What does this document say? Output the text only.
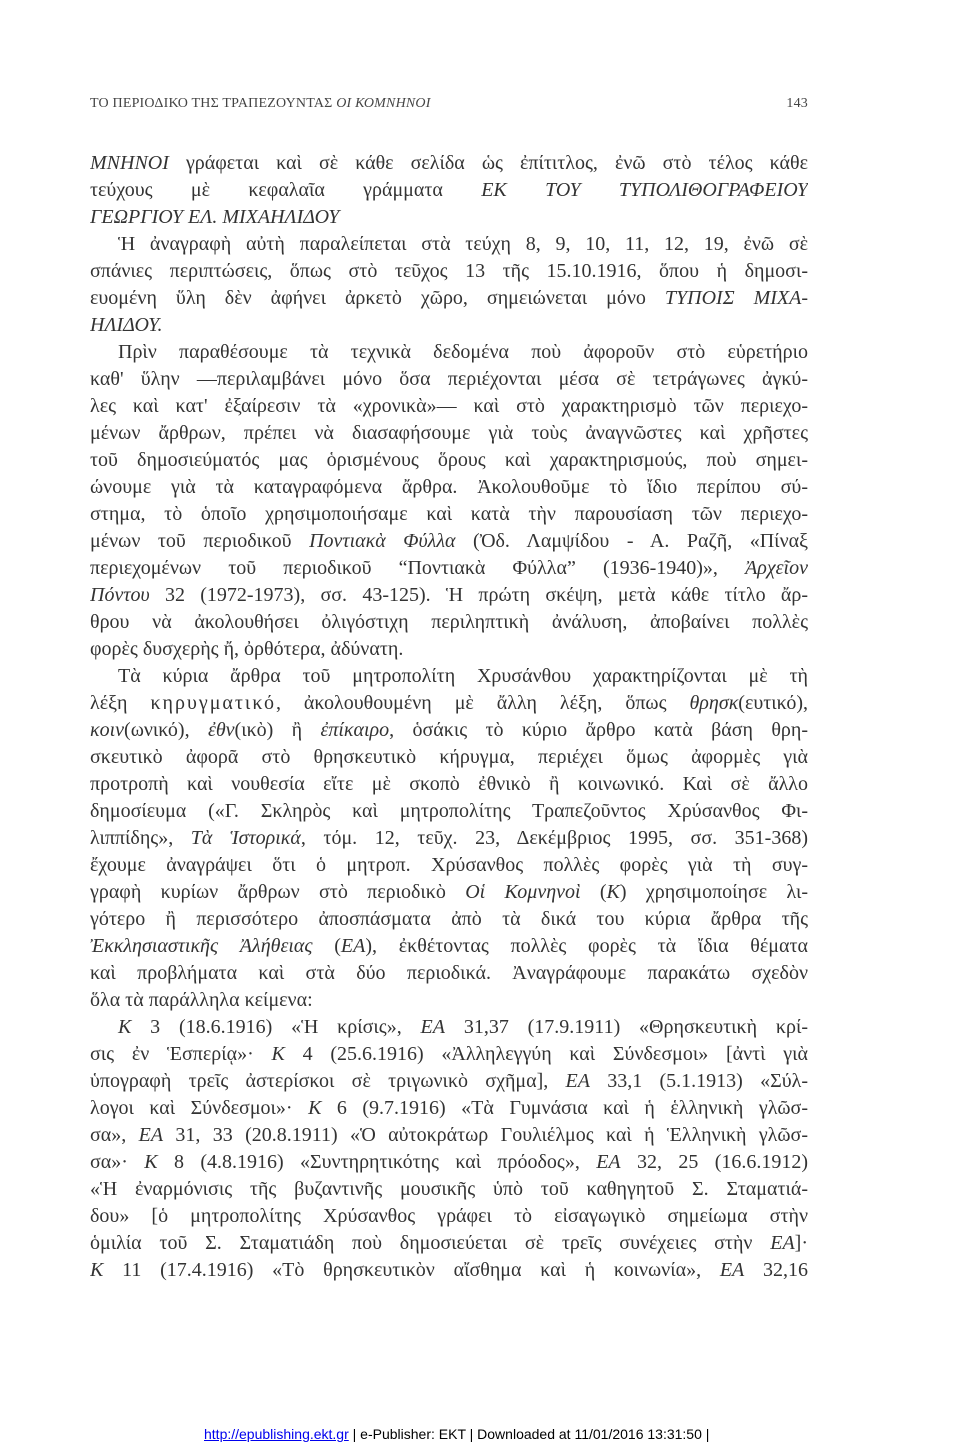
ΤΟ ΠΕΡΙΟΔΙΚΟ ΤΗΣ ΤΡΑΠΕΖΟΥΝΤΑΣ ΟΙ ΚΟΜΝΗΝΟΙ	143
ΜΝΗΝΟΙ γράφεται καὶ σὲ κάθε σελίδα ὡς ἐπίτιτλος, ἐνῶ στὸ τέλος κάθε
τεύχους μὲ κεφαλαῖα γράμματα ΕΚ ΤΟΥ ΤΥΠΟΛΙΘΟΓΡΑΦΕΙΟΥ
ΓΕΩΡΓΙΟΥ ΕΛ. ΜΙΧΑΗΛΙΔΟΥ
Ἡ ἀναγραφὴ αὐτὴ παραλείπεται στὰ τεύχη 8, 9, 10, 11, 12, 19, ἐνῶ σὲ
σπάνιες περιπτώσεις, ὅπως στὸ τεῦχος 13 τῆς 15.10.1916, ὅπου ἡ δημοσι-
ευομένη ὕλη δὲν ἀφήνει ἀρκετὸ χῶρο, σημειώνεται μόνο ΤΥΠΟΙΣ ΜΙΧΑ-
ΗΛΙΔΟΥ.
Πρὶν παραθέσουμε τὰ τεχνικὰ δεδομένα ποὺ ἀφοροῦν στὸ εὑρετήριο
καθ' ὕλην —περιλαμβάνει μόνο ὅσα περιέχονται μέσα σὲ τετράγωνες ἀγκύ-
λες καὶ κατ' ἐξαίρεσιν τὰ «χρονικὰ»— καὶ στὸ χαρακτηρισμὸ τῶν περιεχο-
μένων ἄρθρων, πρέπει νὰ διασαφήσουμε γιὰ τοὺς ἀναγνῶστες καὶ χρῆστες
τοῦ δημοσιεύματός μας ὁρισμένους ὅρους καὶ χαρακτηρισμούς, ποὺ σημει-
ώνουμε γιὰ τὰ καταγραφόμενα ἄρθρα. Ἀκολουθοῦμε τὸ ἴδιο περίπου σύ-
στημα, τὸ ὁποῖο χρησιμοποιήσαμε καὶ κατὰ τὴν παρουσίαση τῶν περιεχο-
μένων τοῦ περιοδικοῦ Ποντιακὰ Φύλλα (Ὀδ. Λαμψίδου - Α. Ραζῆ, «Πίναξ
περιεχομένων τοῦ περιοδικοῦ “Ποντιακὰ Φύλλα” (1936-1940)», Ἀρχεῖον
Πόντου 32 (1972-1973), σσ. 43-125). Ἡ πρώτη σκέψη, μετὰ κάθε τίτλο ἄρ-
θρου νὰ ἀκολουθήσει ὀλιγόστιχη περιληπτικὴ ἀνάλυση, ἀποβαίνει πολλὲς
φορὲς δυσχερὴς ἤ, ὀρθότερα, ἀδύνατη.
Τὰ κύρια ἄρθρα τοῦ μητροπολίτη Χρυσάνθου χαρακτηρίζονται μὲ τὴ
λέξη κηρυγματικό, ἀκολουθουμένη μὲ ἄλλη λέξη, ὅπως θρησκ(ευτικό),
κοιν(ωνικό), ἐθν(ικὸ) ἢ ἐπίκαιρο, ὁσάκις τὸ κύριο ἄρθρο κατὰ βάση θρη-
σκευτικὸ ἀφορᾶ στὸ θρησκευτικὸ κήρυγμα, περιέχει ὅμως ἀφορμὲς γιὰ
προτροπὴ καὶ νουθεσία εἴτε μὲ σκοπὸ ἐθνικὸ ἢ κοινωνικό. Καὶ σὲ ἄλλο
δημοσίευμα («Γ. Σκληρὸς καὶ μητροπολίτης Τραπεζοῦντος Χρύσανθος Φι-
λιππίδης», Τὰ Ἱστορικά, τόμ. 12, τεῦχ. 23, Δεκέμβριος 1995, σσ. 351-368)
ἔχουμε ἀναγράψει ὅτι ὁ μητροπ. Χρύσανθος πολλὲς φορὲς γιὰ τὴ συγ-
γραφὴ κυρίων ἄρθρων στὸ περιοδικὸ Οἱ Κομνηνοὶ (Κ) χρησιμοποίησε λι-
γότερο ἢ περισσότερο ἀποσπάσματα ἀπὸ τὰ δικά του κύρια ἄρθρα τῆς
Ἐκκλησιαστικῆς Ἀλήθειας (ΕΑ), ἐκθέτοντας πολλὲς φορὲς τὰ ἴδια θέματα
καὶ προβλήματα καὶ στὰ δύο περιοδικά. Ἀναγράφουμε παρακάτω σχεδὸν
ὅλα τὰ παράλληλα κείμενα:
Κ 3 (18.6.1916) «Ἡ κρίσις», ΕΑ 31,37 (17.9.1911) «Θρησκευτικὴ κρί-
σις ἐν Ἑσπερίᾳ»· Κ 4 (25.6.1916) «Ἀλληλεγγύη καὶ Σύνδεσμοι» [ἀντὶ γιὰ
ὑπογραφὴ τρεῖς ἀστερίσκοι σὲ τριγωνικὸ σχῆμα], ΕΑ 33,1 (5.1.1913) «Σύλ-
λογοι καὶ Σύνδεσμοι»· Κ 6 (9.7.1916) «Τὰ Γυμνάσια καὶ ἡ ἑλληνικὴ γλῶσ-
σα», ΕΑ 31, 33 (20.8.1911) «Ὁ αὐτοκράτωρ Γουλιέλμος καὶ ἡ Ἑλληνικὴ γλῶσ-
σα»· Κ 8 (4.8.1916) «Συντηρητικότης καὶ πρόοδος», ΕΑ 32, 25 (16.6.1912)
«Ἡ ἐναρμόνισις τῆς βυζαντινῆς μουσικῆς ὑπὸ τοῦ καθηγητοῦ Σ. Σταματιά-
δου» [ὁ μητροπολίτης Χρύσανθος γράφει τὸ εἰσαγωγικὸ σημείωμα στὴν
ὁμιλία τοῦ Σ. Σταματιάδη ποὺ δημοσιεύεται σὲ τρεῖς συνέχειες στὴν ΕΑ]·
Κ 11 (17.4.1916) «Τὸ θρησκευτικὸν αἴσθημα καὶ ἡ κοινωνία», ΕΑ 32,16
http://epublishing.ekt.gr | e-Publisher: EKT | Downloaded at 11/01/2016 13:31:50 |
